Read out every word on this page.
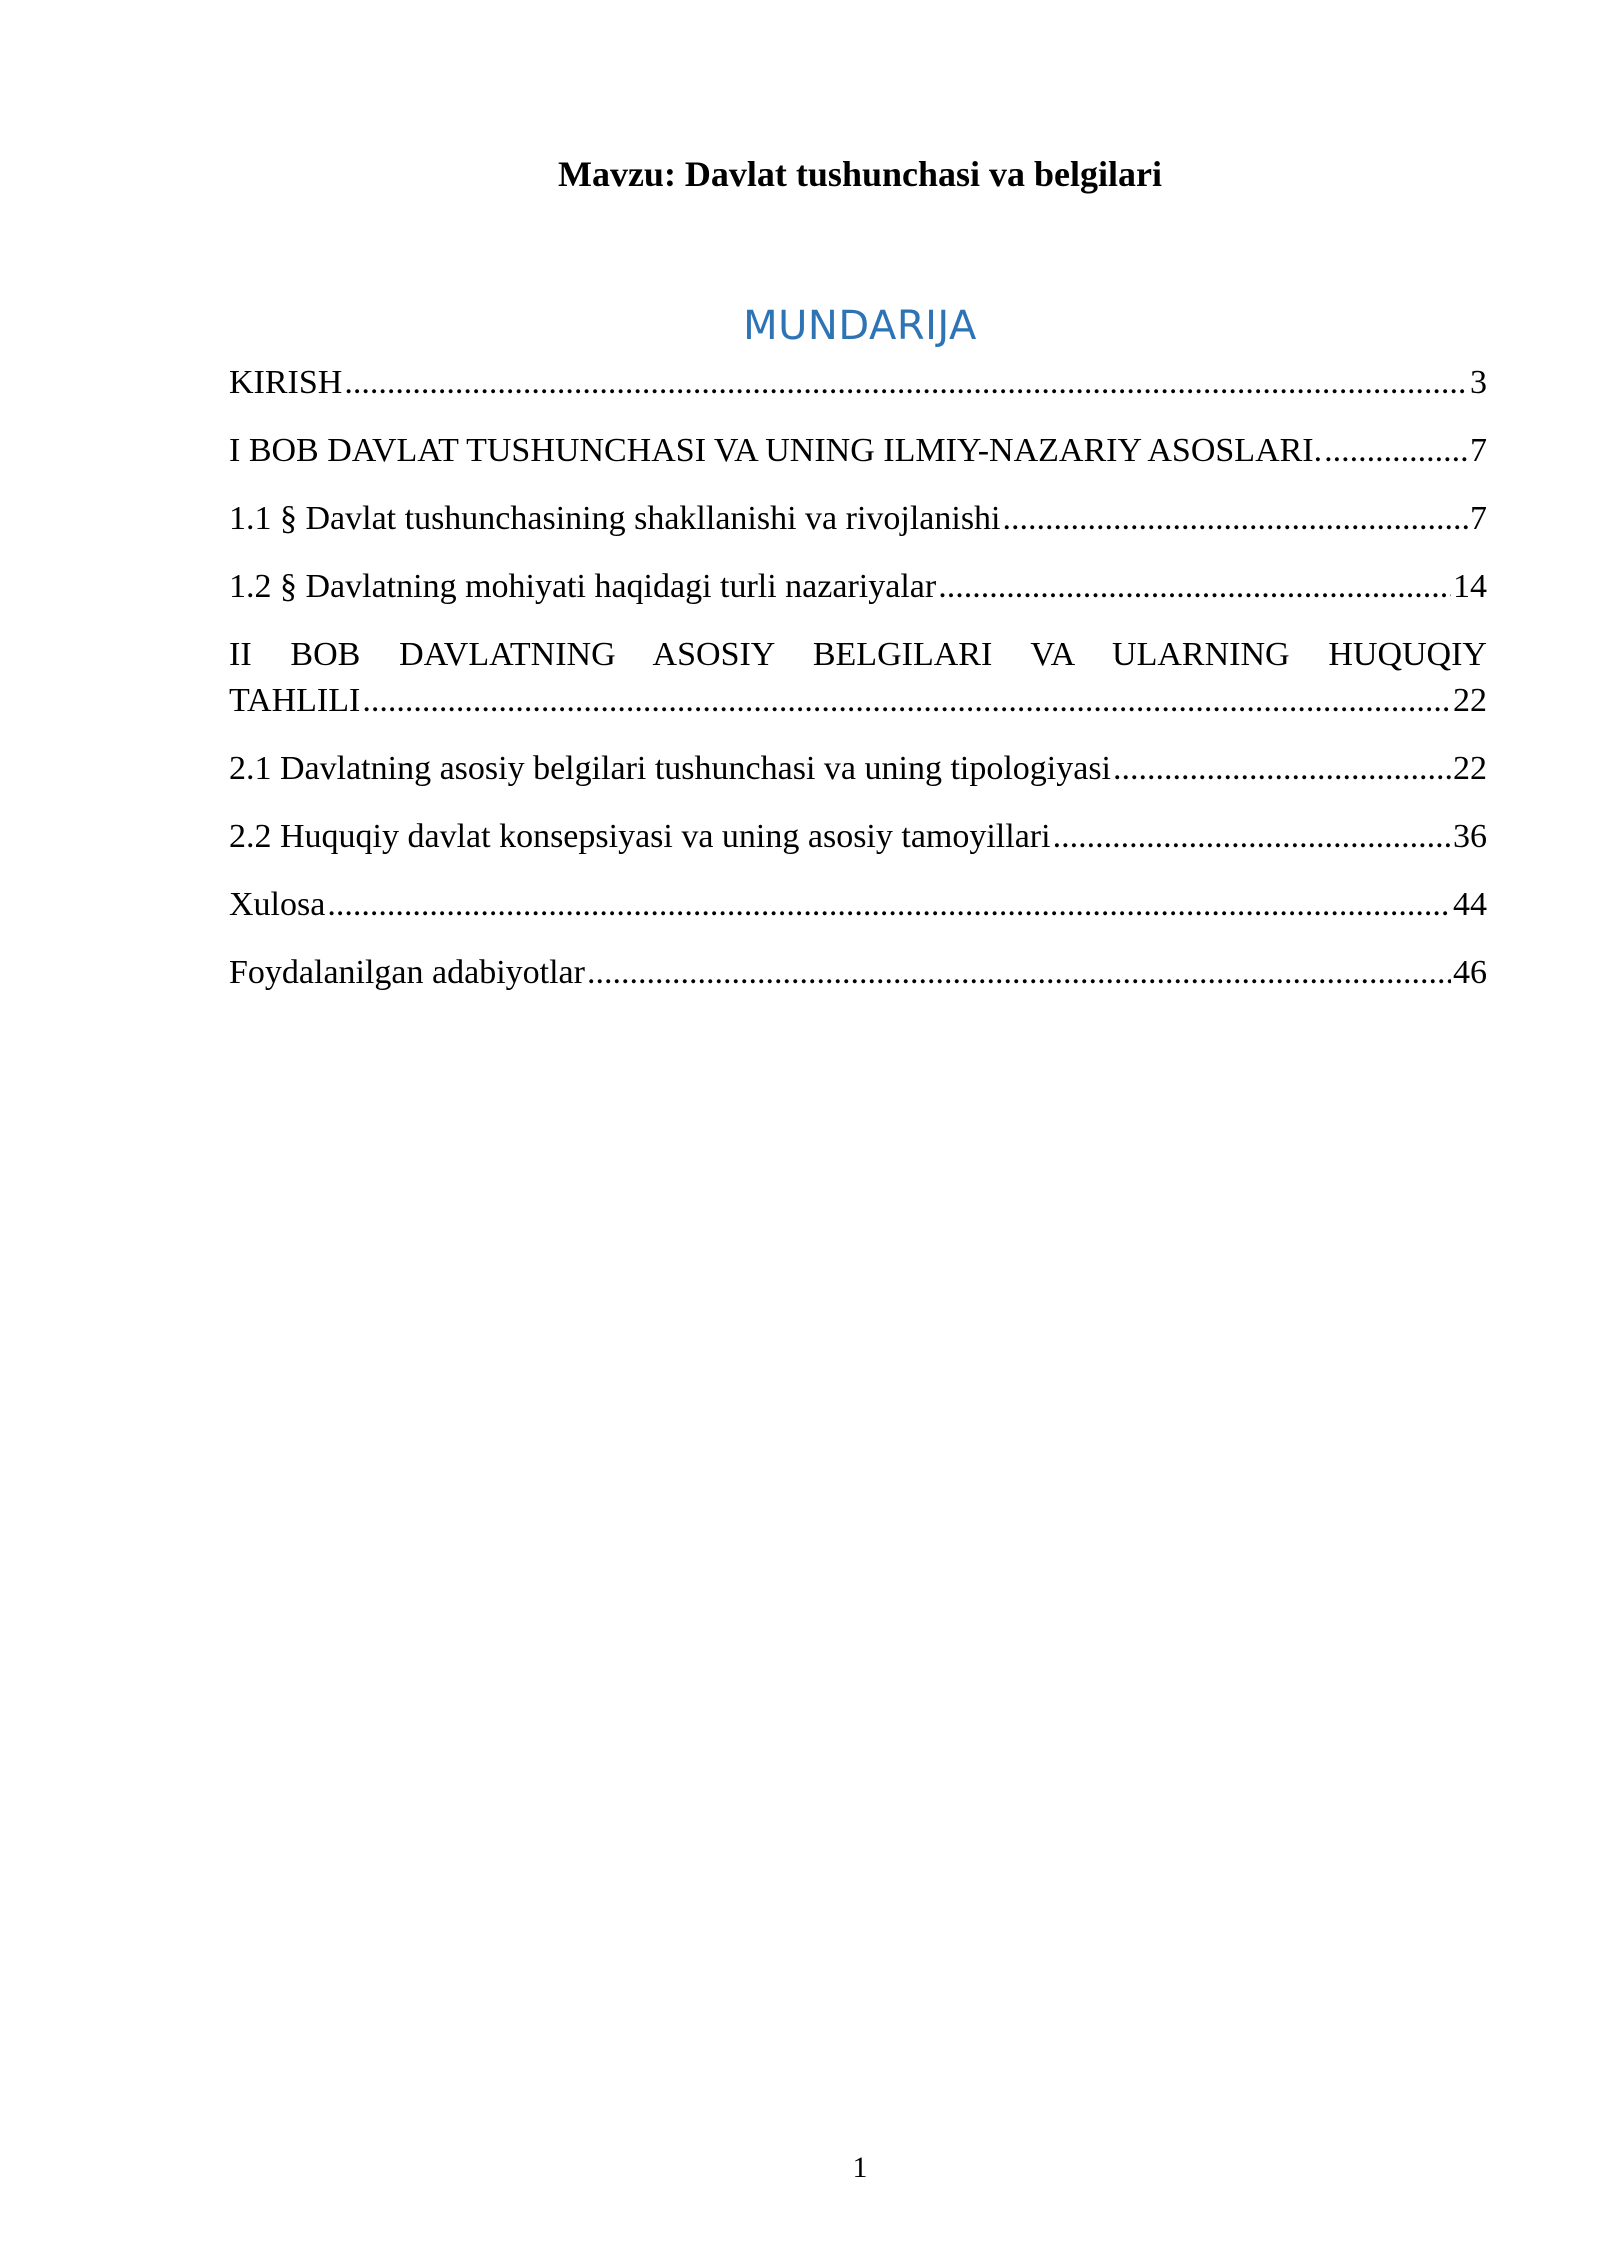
Mavzu: Davlat tushunchasi va belgilari
MUNDARIJA
KIRISH .....	3
I BOB DAVLAT TUSHUNCHASI VA UNING ILMIY-NAZARIY ASOSLARI. .....	7
1.1 § Davlat tushunchasining shakllanishi va rivojlanishi .....	7
1.2 § Davlatning mohiyati haqidagi turli nazariyalar .....	14
II BOB DAVLATNING ASOSIY BELGILARI VA ULARNING HUQUQIY
TAHLILI .....	22
2.1 Davlatning asosiy belgilari tushunchasi va uning tipologiyasi .....	22
2.2 Huquqiy davlat konsepsiyasi va uning asosiy tamoyillari .....	36
Xulosa .....	44
Foydalanilgan adabiyotlar .....	46
1
